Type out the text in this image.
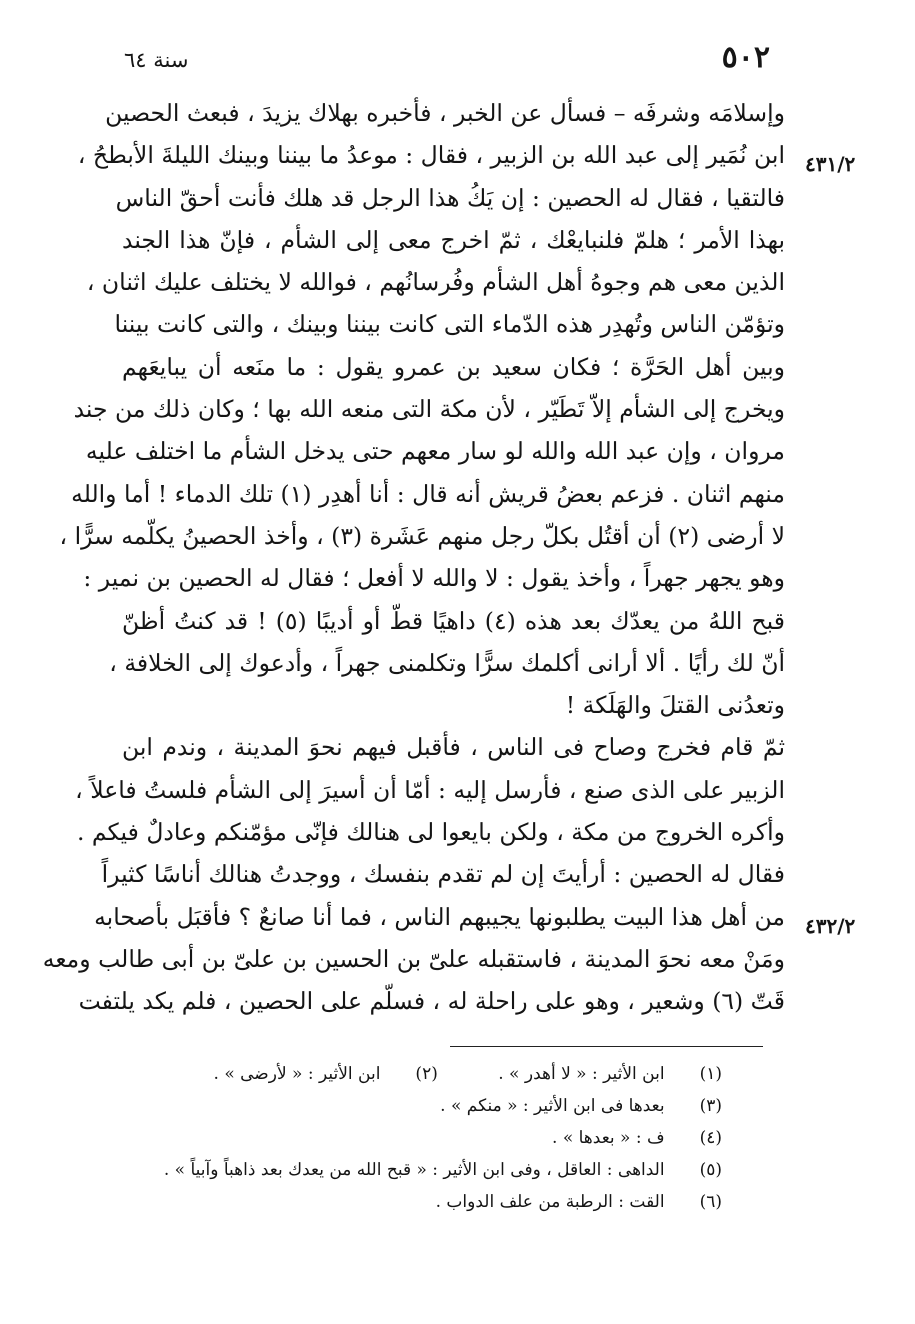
٥٠٢
سنة ٦٤
٤٣١/٢
٤٣٢/٢
وإسلامَه وشرفَه – فسأل عن الخبر ، فأخبره بهلاك يزيدَ ، فبعث الحصين
ابن نُمَير إلى عبد الله بن الزبير ، فقال : موعدُ ما بيننا وبينك الليلةَ الأبطحُ ،
فالتقيا ، فقال له الحصين : إن يَكُ هذا الرجل قد هلك فأنت أحقّ الناس
بهذا الأمر ؛ هلمّ فلنبايعْك ، ثمّ اخرج معى إلى الشأم ، فإنّ هذا الجند
الذين معى هم وجوهُ أهل الشأم وفُرسانُهم ، فوالله لا يختلف عليك اثنان ،
وتؤمّن الناس وتُهدِر هذه الدّماء التى كانت بيننا وبينك ، والتى كانت بيننا
وبين أهل الحَرَّة ؛ فكان سعيد بن عمرو يقول : ما منَعه أن يبايعَهم
ويخرج إلى الشأم إلاّ تَطَيّر ، لأن مكة التى منعه الله بها ؛ وكان ذلك من جند
مروان ، وإن عبد الله والله لو سار معهم حتى يدخل الشأم ما اختلف عليه
منهم اثنان . فزعم بعضُ قريش أنه قال : أنا أهدِر (١) تلك الدماء ! أما والله
لا أرضى (٢) أن أقتُل بكلّ رجل منهم عَشَرة (٣) ، وأخذ الحصينُ يكلّمه سرًّا ،
وهو يجهر جهراً ، وأخذ يقول : لا والله لا أفعل ؛ فقال له الحصين بن نمير :
قبح اللهُ من يعدّك بعد هذه (٤) داهيًا قطّ أو أديبًا (٥) ! قد كنتُ أظنّ
أنّ لك رأيًا . ألا أرانى أكلمك سرًّا وتكلمنى جهراً ، وأدعوك إلى الخلافة ،
وتعدُنى القتلَ والهَلَكة !
ثمّ قام فخرج وصاح فى الناس ، فأقبل فيهم نحوَ المدينة ، وندم ابن
الزبير على الذى صنع ، فأرسل إليه : أمّا أن أسيرَ إلى الشأم فلستُ فاعلاً ،
وأكره الخروج من مكة ، ولكن بايعوا لى هنالك فإنّى مؤمّنكم وعادلٌ فيكم .
فقال له الحصين : أرأيتَ إن لم تقدم بنفسك ، ووجدتُ هنالك أناسًا كثيراً
من أهل هذا البيت يطلبونها يجيبهم الناس ، فما أنا صانعٌ ؟ فأقبَل بأصحابه
ومَنْ معه نحوَ المدينة ، فاستقبله علىّ بن الحسين بن علىّ بن أبى طالب ومعه
قَتّ (٦) وشعير ، وهو على راحلة له ، فسلّم على الحصين ، فلم يكد يلتفت
(١) ابن الأثير : « لا أهدر » . (٢) ابن الأثير : « لأرضى » .
(٣) بعدها فى ابن الأثير : « منكم » .
(٤) ف : « بعدها » .
(٥) الداهى : العاقل ، وفى ابن الأثير : « قبح الله من يعدك بعد ذاهباً وآبياً » .
(٦) القت : الرطبة من علف الدواب .
